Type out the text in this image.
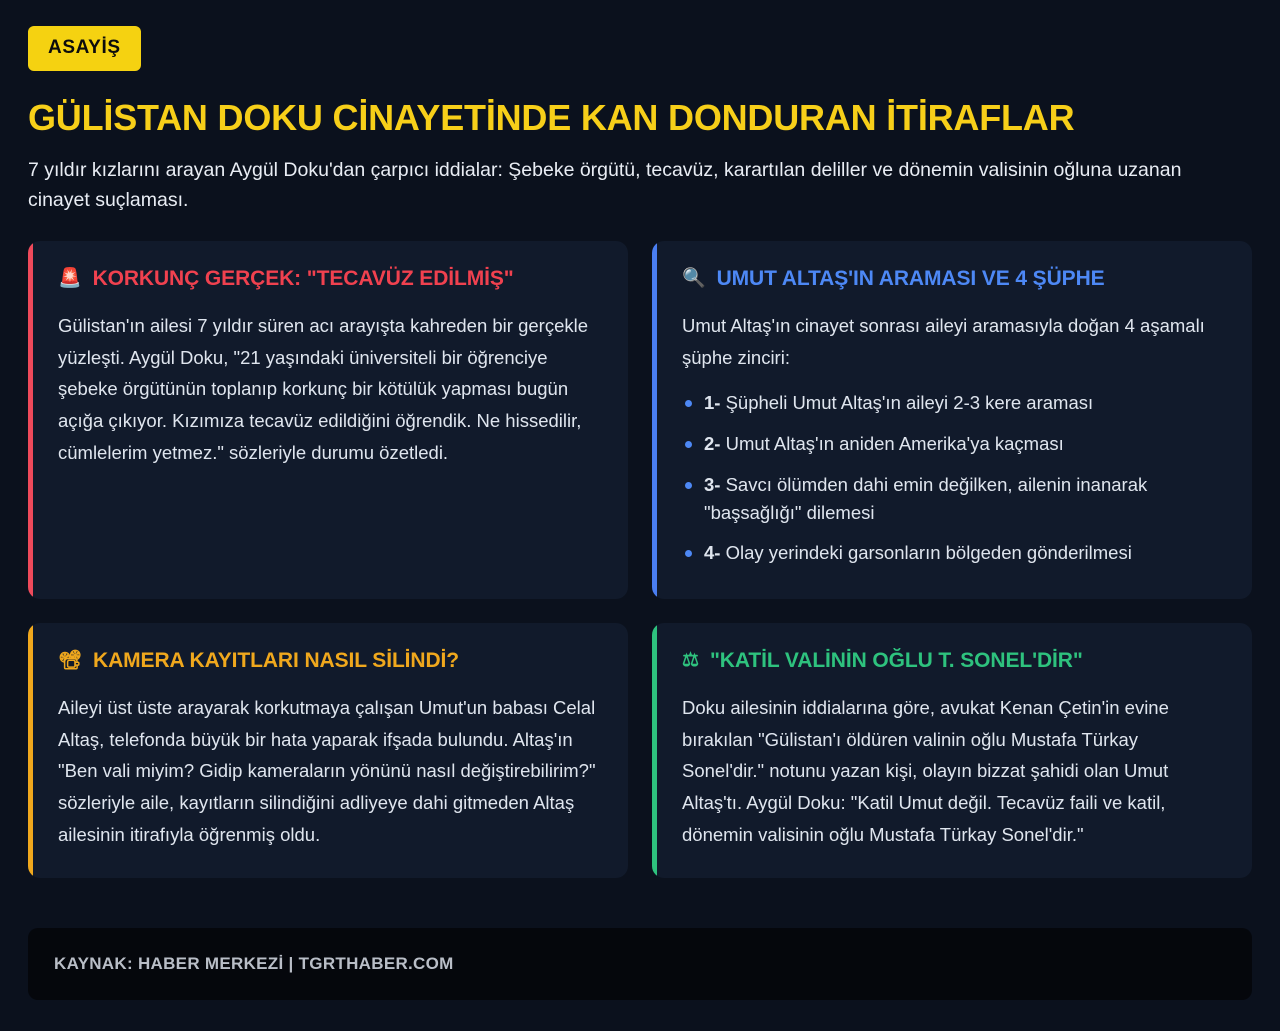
ASAYİŞ
GÜLİSTAN DOKU CİNAYETİNDE KAN DONDURAN İTİRAFLAR

7 yıldır kızlarını arayan Aygül Doku'dan çarpıcı iddialar: Şebeke örgütü, tecavüz, karartılan deliller ve dönemin valisinin oğluna uzanan cinayet suçlaması.

🚨 KORKUNÇ GERÇEK: "TECAVÜZ EDİLMİŞ"

Gülistan'ın ailesi 7 yıldır süren acı arayışta kahreden bir gerçekle yüzleşti. Aygül Doku, "21 yaşındaki üniversiteli bir öğrenciye şebeke örgütünün toplanıp korkunç bir kötülük yapması bugün açığa çıkıyor. Kızımıza tecavüz edildiğini öğrendik. Ne hissedilir, cümlelerim yetmez." sözleriyle durumu özetledi.

🔍 UMUT ALTAŞ'IN ARAMASI VE 4 ŞÜPHE

Umut Altaş'ın cinayet sonrası aileyi aramasıyla doğan 4 aşamalı şüphe zinciri:

1- Şüpheli Umut Altaş'ın aileyi 2-3 kere araması
2- Umut Altaş'ın aniden Amerika'ya kaçması
3- Savcı ölümden dahi emin değilken, ailenin inanarak "başsağlığı" dilemesi
4- Olay yerindeki garsonların bölgeden gönderilmesi
📽 KAMERA KAYITLARI NASIL SİLİNDİ?

Aileyi üst üste arayarak korkutmaya çalışan Umut'un babası Celal Altaş, telefonda büyük bir hata yaparak ifşada bulundu. Altaş'ın "Ben vali miyim? Gidip kameraların yönünü nasıl değiştirebilirim?" sözleriyle aile, kayıtların silindiğini adliyeye dahi gitmeden Altaş ailesinin itirafıyla öğrenmiş oldu.

⚖ "KATİL VALİNİN OĞLU T. SONEL'DİR"

Doku ailesinin iddialarına göre, avukat Kenan Çetin'in evine bırakılan "Gülistan'ı öldüren valinin oğlu Mustafa Türkay Sonel'dir." notunu yazan kişi, olayın bizzat şahidi olan Umut Altaş'tı. Aygül Doku: "Katil Umut değil. Tecavüz faili ve katil, dönemin valisinin oğlu Mustafa Türkay Sonel'dir."

KAYNAK: HABER MERKEZİ | TGRTHABER.COM
